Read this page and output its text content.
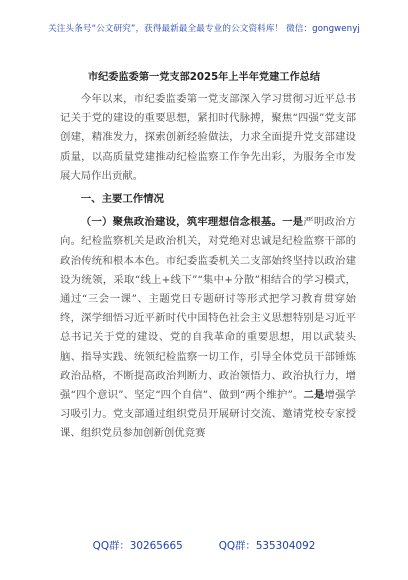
关注头条号“公文研究”，获得最新最全最专业的公文资料库！ 微信：gongwenyj
市纪委监委第一党支部2025年上半年党建工作总结

今年以来，市纪委监委第一党支部深入学习贯彻习近平总书记关于党的建设的重要思想，紧扣时代脉搏，聚焦“四强”党支部创建，精准发力，探索创新经验做法，力求全面提升党支部建设质量，以高质量党建推动纪检监察工作争先出彩，为服务全市发展大局作出贡献。

一、主要工作情况

（一）聚焦政治建设，筑牢理想信念根基。一是严明政治方向。纪检监察机关是政治机关，对党绝对忠诚是纪检监察干部的政治传统和根本本色。市纪委监委机关二支部始终坚持以政治建设为统领，采取“线上+线下”“集中+分散”相结合的学习模式，通过“三会一课”、主题党日专题研讨等形式把学习教育贯穿始终，深学细悟习近平新时代中国特色社会主义思想特别是习近平总书记关于党的建设、党的自我革命的重要思想，用以武装头脑、指导实践、统领纪检监察一切工作，引导全体党员干部锤炼政治品格，不断提高政治判断力、政治领悟力、政治执行力，增强“四个意识”、坚定“四个自信”、做到“两个维护”。二是增强学习吸引力。党支部通过组织党员开展研讨交流、邀请党校专家授课、组织党员参加创新创优竞赛

QQ群：30265665	QQ群：535304092
